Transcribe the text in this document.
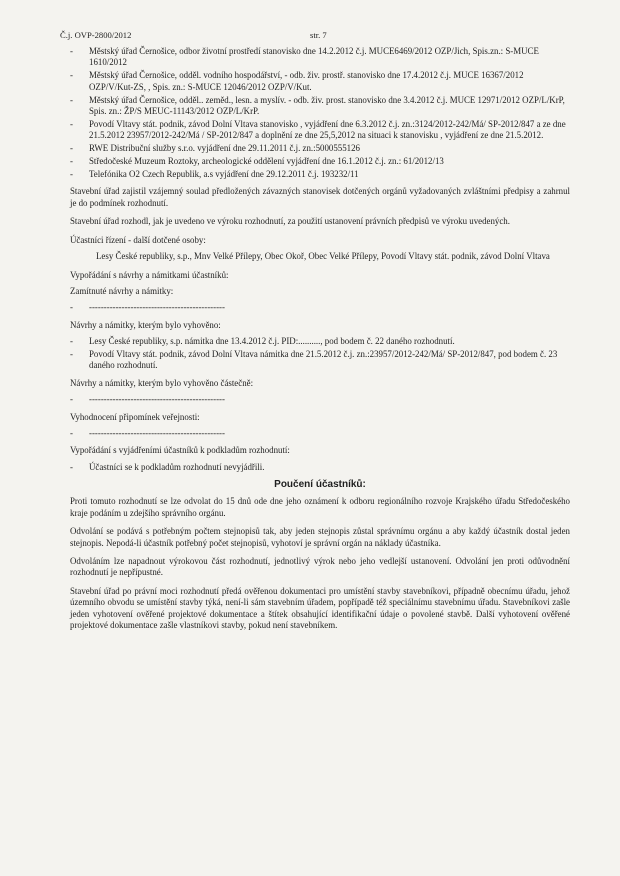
Č.j. OVP-2800/2012	str. 7
- Městský úřad Černošice, odbor životní prostředí stanovisko dne 14.2.2012 č.j. MUCE6469/2012 OZP/Jich, Spis.zn.: S-MUCE 1610/2012
- Městský úřad Černošice, odděl. vodního hospodářství, - odb. živ. prostř. stanovisko dne 17.4.2012 č.j. MUCE 16367/2012 OZP/V/Kut-ZS, , Spis. zn.: S-MUCE 12046/2012 OZP/V/Kut.
- Městský úřad Černošice, odděl.. zeměd., lesn. a myslív. - odb. živ. prost. stanovisko dne 3.4.2012 č.j. MUCE 12971/2012 OZP/L/KrP, Spis. zn.: ŽP/S MEUC-11143/2012 OZP/L/KrP.
- Povodí Vltavy stát. podnik, závod Dolní Vltava stanovisko , vyjádření dne 6.3.2012 č.j. zn.:3124/2012-242/Má/ SP-2012/847 a ze dne 21.5.2012 23957/2012-242/Má / SP-2012/847 a doplnění ze dne 25,5,2012 na situaci k stanovisku , vyjádření ze dne 21.5.2012.
- RWE Distribuční služby s.r.o. vyjádření dne 29.11.2011 č.j. zn.:5000555126
- Středočeské Muzeum Roztoky, archeologické oddělení vyjádření dne 16.1.2012 č.j. zn.: 61/2012/13
- Telefónika O2 Czech Republik, a.s vyjádření dne 29.12.2011 č.j. 193232/11

Stavební úřad zajistil vzájemný soulad předložených závazných stanovisek dotčených orgánů vyžadovaných zvláštními předpisy a zahrnul je do podmínek rozhodnutí.

Stavební úřad rozhodl, jak je uvedeno ve výroku rozhodnutí, za použití ustanovení právních předpisů ve výroku uvedených.

Účastníci řízení - další dotčené osoby:

Lesy České republiky, s.p., Mnv Velké Přílepy, Obec Okoř, Obec Velké Přílepy, Povodí Vltavy stát. podnik, závod Dolní Vltava

Vypořádání s návrhy a námitkami účastníků:

Zamítnuté návrhy a námitky:

- ----------------------------------------------

Návrhy a námitky, kterým bylo vyhověno:

- Lesy České republiky, s.p. námitka dne 13.4.2012 č.j. PID:.........., pod bodem č. 22 daného rozhodnutí.
- Povodí Vltavy stát. podnik, závod Dolní Vltava námitka dne 21.5.2012 č.j. zn.:23957/2012-242/Má/ SP-2012/847, pod bodem č. 23 daného rozhodnutí.

Návrhy a námitky, kterým bylo vyhověno částečně:

- ----------------------------------------------

Vyhodnocení připomínek veřejnosti:

- ----------------------------------------------

Vypořádání s vyjádřeními účastníků k podkladům rozhodnutí:

- Účastníci se k podkladům rozhodnutí nevyjádřili.
Poučení účastníků:

Proti tomuto rozhodnutí se lze odvolat do 15 dnů ode dne jeho oznámení k odboru regionálního rozvoje Krajského úřadu Středočeského kraje podáním u zdejšího správního orgánu.

Odvolání se podává s potřebným počtem stejnopisů tak, aby jeden stejnopis zůstal správnímu orgánu a aby každý účastník dostal jeden stejnopis. Nepodá-li účastník potřebný počet stejnopisů, vyhotoví je správní orgán na náklady účastníka.

Odvoláním lze napadnout výrokovou část rozhodnutí, jednotlivý výrok nebo jeho vedlejší ustanovení. Odvolání jen proti odůvodnění rozhodnutí je nepřípustné.

Stavební úřad po právní moci rozhodnutí předá ověřenou dokumentaci pro umístění stavby stavebníkovi, případně obecnímu úřadu, jehož územního obvodu se umístění stavby týká, není-li sám stavebním úřadem, popřípadě též speciálnímu stavebnímu úřadu. Stavebníkovi zašle jeden vyhotovení ověřené projektové dokumentace a štítek obsahující identifikační údaje o povolené stavbě. Další vyhotovení ověřené projektové dokumentace zašle vlastníkovi stavby, pokud není stavebníkem.
